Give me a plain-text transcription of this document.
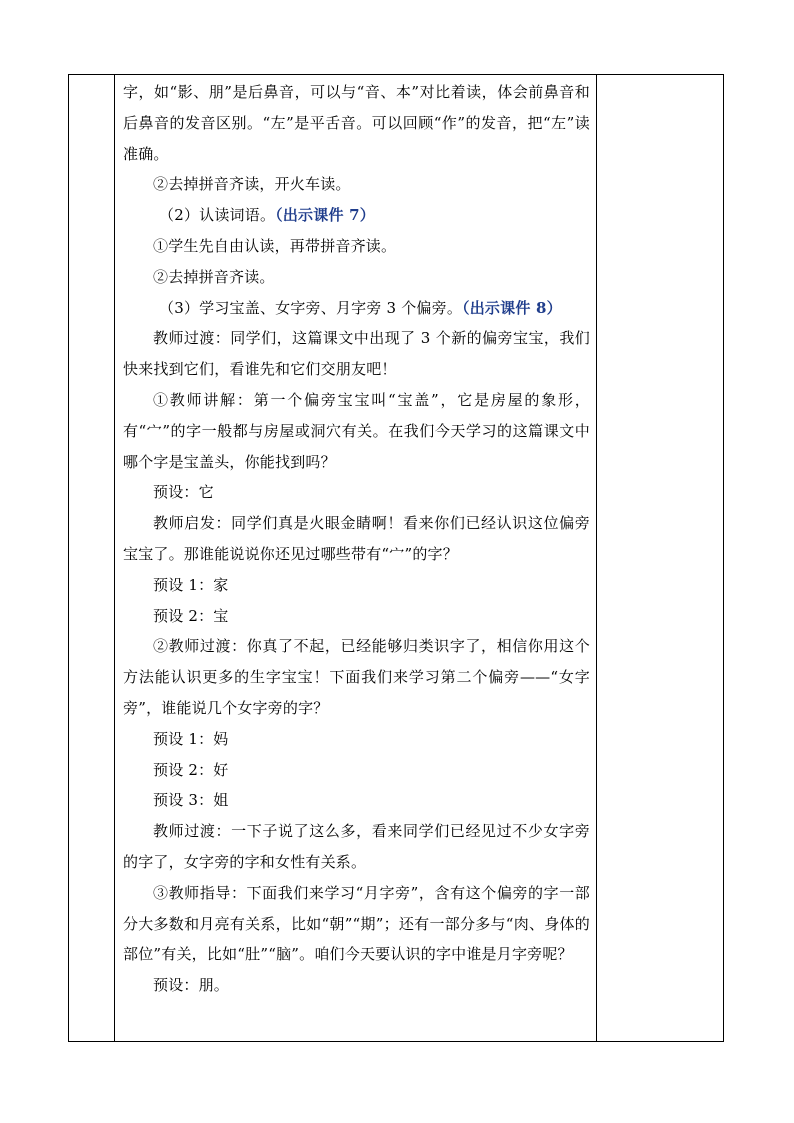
字，如“影、朋”是后鼻音，可以与“音、本”对比着读，体会前鼻音和后鼻音的发音区别。“左”是平舌音。可以回顾“作”的发音，把“左”读准确。

②去掉拼音齐读，开火车读。

（2）认读词语。（出示课件 7）

①学生先自由认读，再带拼音齐读。

②去掉拼音齐读。

（3）学习宝盖、女字旁、月字旁 3 个偏旁。（出示课件 8）

教师过渡：同学们，这篇课文中出现了 3 个新的偏旁宝宝，我们快来找到它们，看谁先和它们交朋友吧！

①教师讲解：第一个偏旁宝宝叫“宝盖”，它是房屋的象形，有“宀”的字一般都与房屋或洞穴有关。在我们今天学习的这篇课文中哪个字是宝盖头，你能找到吗？

预设：它

教师启发：同学们真是火眼金睛啊！看来你们已经认识这位偏旁宝宝了。那谁能说说你还见过哪些带有“宀”的字？

预设 1：家

预设 2：宝

②教师过渡：你真了不起，已经能够归类识字了，相信你用这个方法能认识更多的生字宝宝！下面我们来学习第二个偏旁——“女字旁”，谁能说几个女字旁的字？

预设 1：妈

预设 2：好

预设 3：姐

教师过渡：一下子说了这么多，看来同学们已经见过不少女字旁的字了，女字旁的字和女性有关系。

③教师指导：下面我们来学习“月字旁”，含有这个偏旁的字一部分大多数和月亮有关系，比如“朝”“期”；还有一部分多与“肉、身体的部位”有关，比如“肚”“脑”。咱们今天要认识的字中谁是月字旁呢？

预设：朋。
